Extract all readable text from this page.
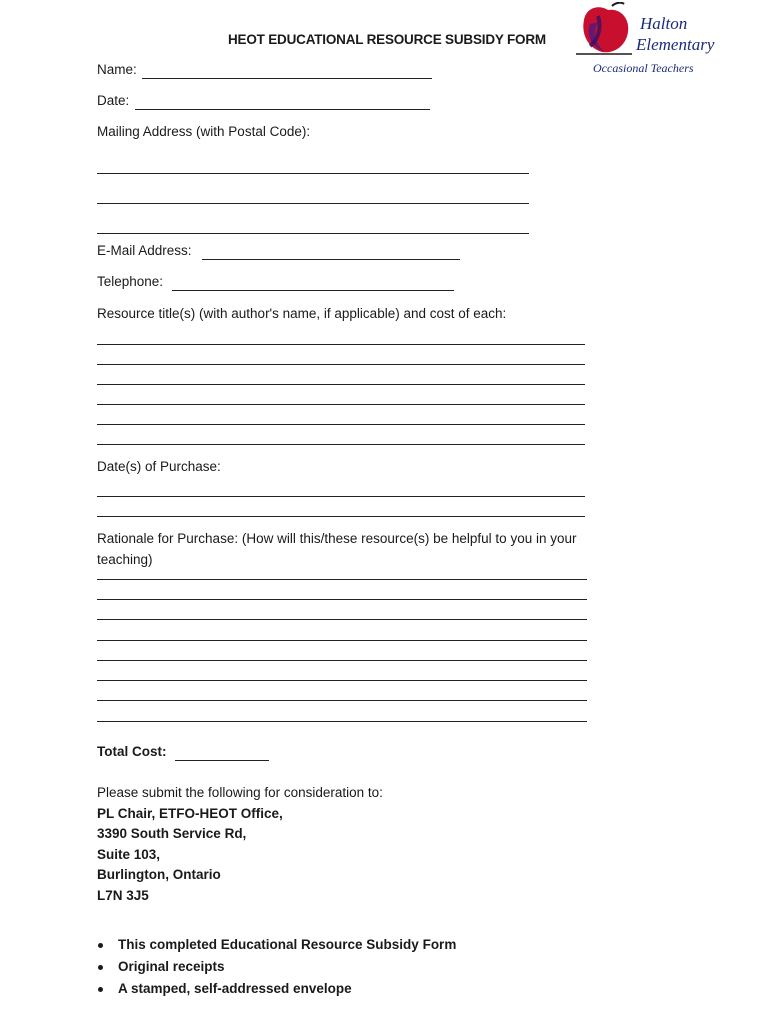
Halton
Elementary
Occasional Teachers
HEOT EDUCATIONAL RESOURCE SUBSIDY FORM
Name:
Date:
Mailing Address (with Postal Code):
E-Mail Address:
Telephone:
Resource title(s) (with author's name, if applicable) and cost of each:
Date(s) of Purchase:
Rationale for Purchase: (How will this/these resource(s) be helpful to you in your
teaching)
Total Cost:
Please submit the following for consideration to:
PL Chair, ETFO-HEOT Office,
3390 South Service Rd,
Suite 103,
Burlington, Ontario
L7N 3J5
This completed Educational Resource Subsidy Form
Original receipts
A stamped, self-addressed envelope
